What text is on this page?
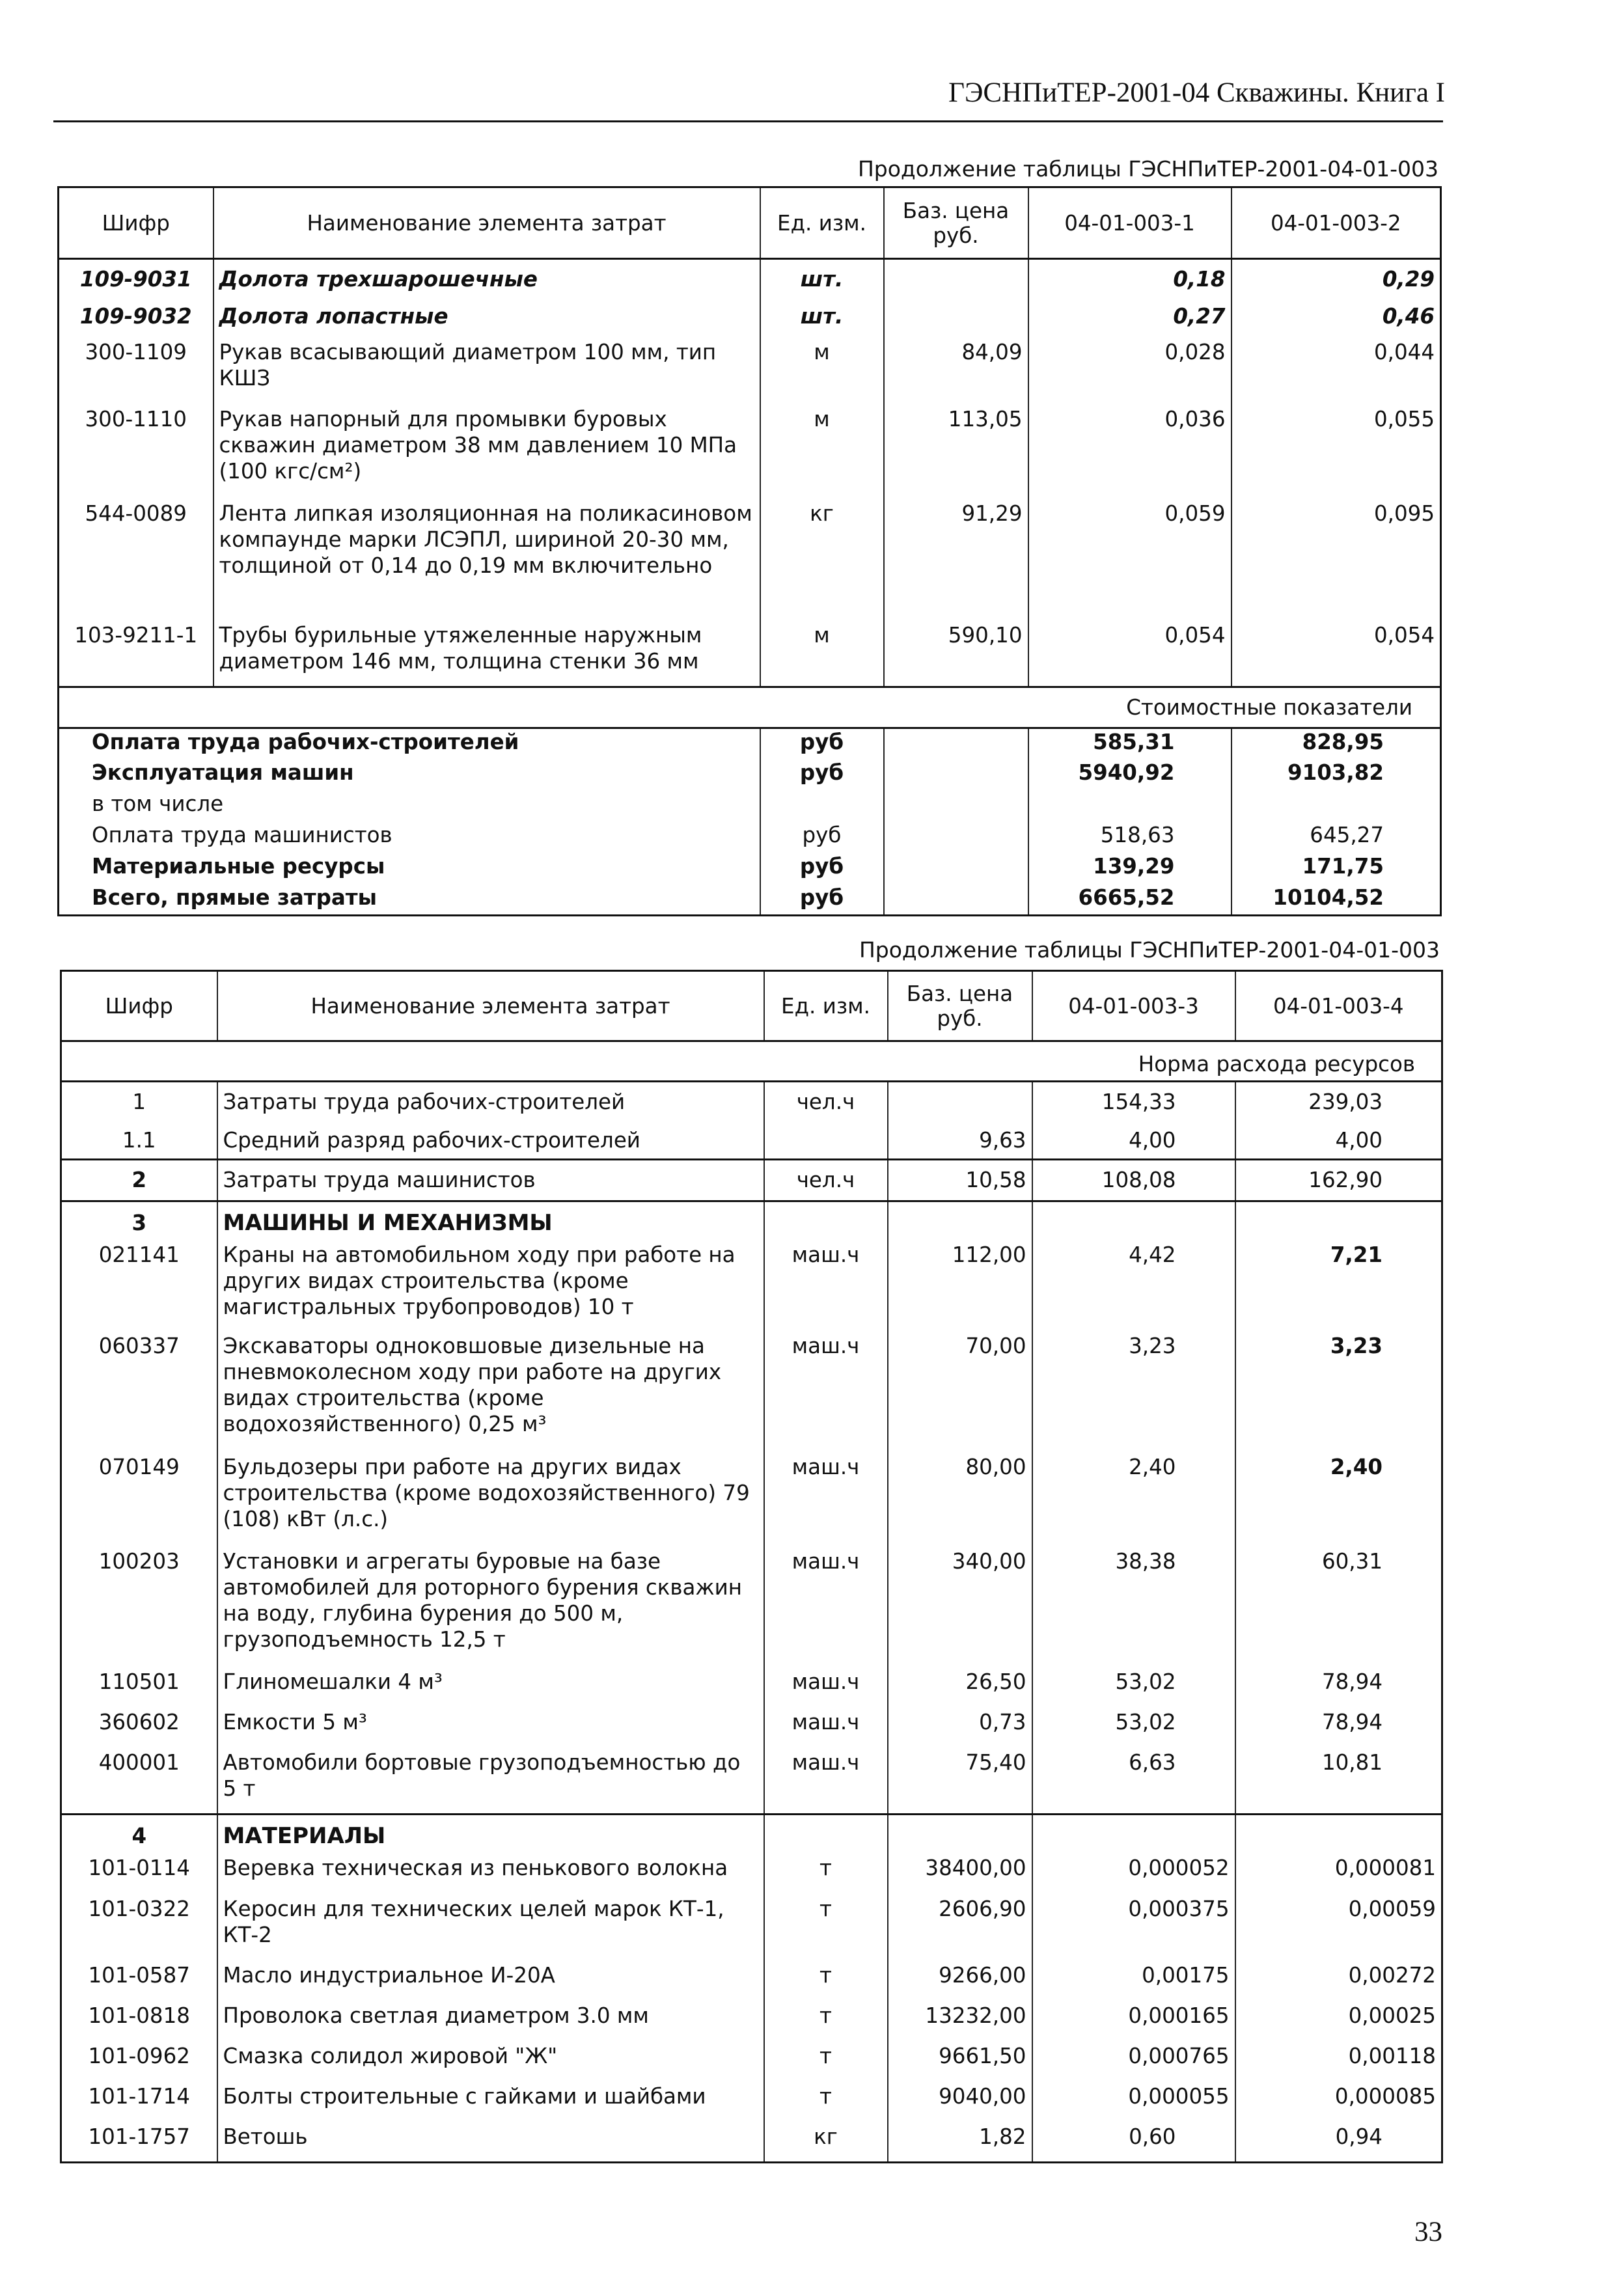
ГЭСНПиТЕР-2001-04 Скважины. Книга I
Продолжение таблицы ГЭСНПиТЕР-2001-04-01-003
Шифр	Наименование элемента затрат	Ед. изм.	Баз. цена руб.	04-01-003-1	04-01-003-2
109-9031	Долота трехшарошечные	шт.		0,18	0,29
109-9032	Долота лопастные	шт.		0,27	0,46
300-1109	Рукав всасывающий диаметром 100 мм, тип КШЗ	м	84,09	0,028	0,044
300-1110	Рукав напорный для промывки буровых скважин диаметром 38 мм давлением 10 МПа (100 кгс/см²)	м	113,05	0,036	0,055
544-0089	Лента липкая изоляционная на поликасиновом компаунде марки ЛСЭПЛ, шириной 20-30 мм, толщиной от 0,14 до 0,19 мм включительно	кг	91,29	0,059	0,095
103-9211-1	Трубы бурильные утяжеленные наружным диаметром 146 мм, толщина стенки 36 мм	м	590,10	0,054	0,054
Стоимостные показатели					
Оплата труда рабочих-строителей		руб		585,31	828,95
Эксплуатация машин		руб		5940,92	9103,82
в том числе					
Оплата труда машинистов		руб		518,63	645,27
Материальные ресурсы		руб		139,29	171,75
Всего, прямые затраты		руб		6665,52	10104,52
Продолжение таблицы ГЭСНПиТЕР-2001-04-01-003
Шифр	Наименование элемента затрат	Ед. изм.	Баз. цена руб.	04-01-003-3	04-01-003-4
Норма расхода ресурсов					
1	Затраты труда рабочих-строителей	чел.ч		154,33	239,03
1.1	Средний разряд рабочих-строителей		9,63	4,00	4,00
2	Затраты труда машинистов	чел.ч	10,58	108,08	162,90
3	МАШИНЫ И МЕХАНИЗМЫ				
021141	Краны на автомобильном ходу при работе на других видах строительства (кроме магистральных трубопроводов) 10 т	маш.ч	112,00	4,42	7,21
060337	Экскаваторы одноковшовые дизельные на пневмоколесном ходу при работе на других видах строительства (кроме водохозяйственного) 0,25 м³	маш.ч	70,00	3,23	3,23
070149	Бульдозеры при работе на других видах строительства (кроме водохозяйственного) 79 (108) кВт (л.с.)	маш.ч	80,00	2,40	2,40
100203	Установки и агрегаты буровые на базе автомобилей для роторного бурения скважин на воду, глубина бурения до 500 м, грузоподъемность 12,5 т	маш.ч	340,00	38,38	60,31
110501	Глиномешалки 4 м³	маш.ч	26,50	53,02	78,94
360602	Емкости 5 м³	маш.ч	0,73	53,02	78,94
400001	Автомобили бортовые грузоподъемностью до 5 т	маш.ч	75,40	6,63	10,81
4	МАТЕРИАЛЫ				
101-0114	Веревка техническая из пенькового волокна	т	38400,00	0,000052	0,000081
101-0322	Керосин для технических целей марок КТ-1, КТ-2	т	2606,90	0,000375	0,00059
101-0587	Масло индустриальное И-20А	т	9266,00	0,00175	0,00272
101-0818	Проволока светлая диаметром 3.0 мм	т	13232,00	0,000165	0,00025
101-0962	Смазка солидол жировой "Ж"	т	9661,50	0,000765	0,00118
101-1714	Болты строительные с гайками и шайбами	т	9040,00	0,000055	0,000085
101-1757	Ветошь	кг	1,82	0,60	0,94
33
